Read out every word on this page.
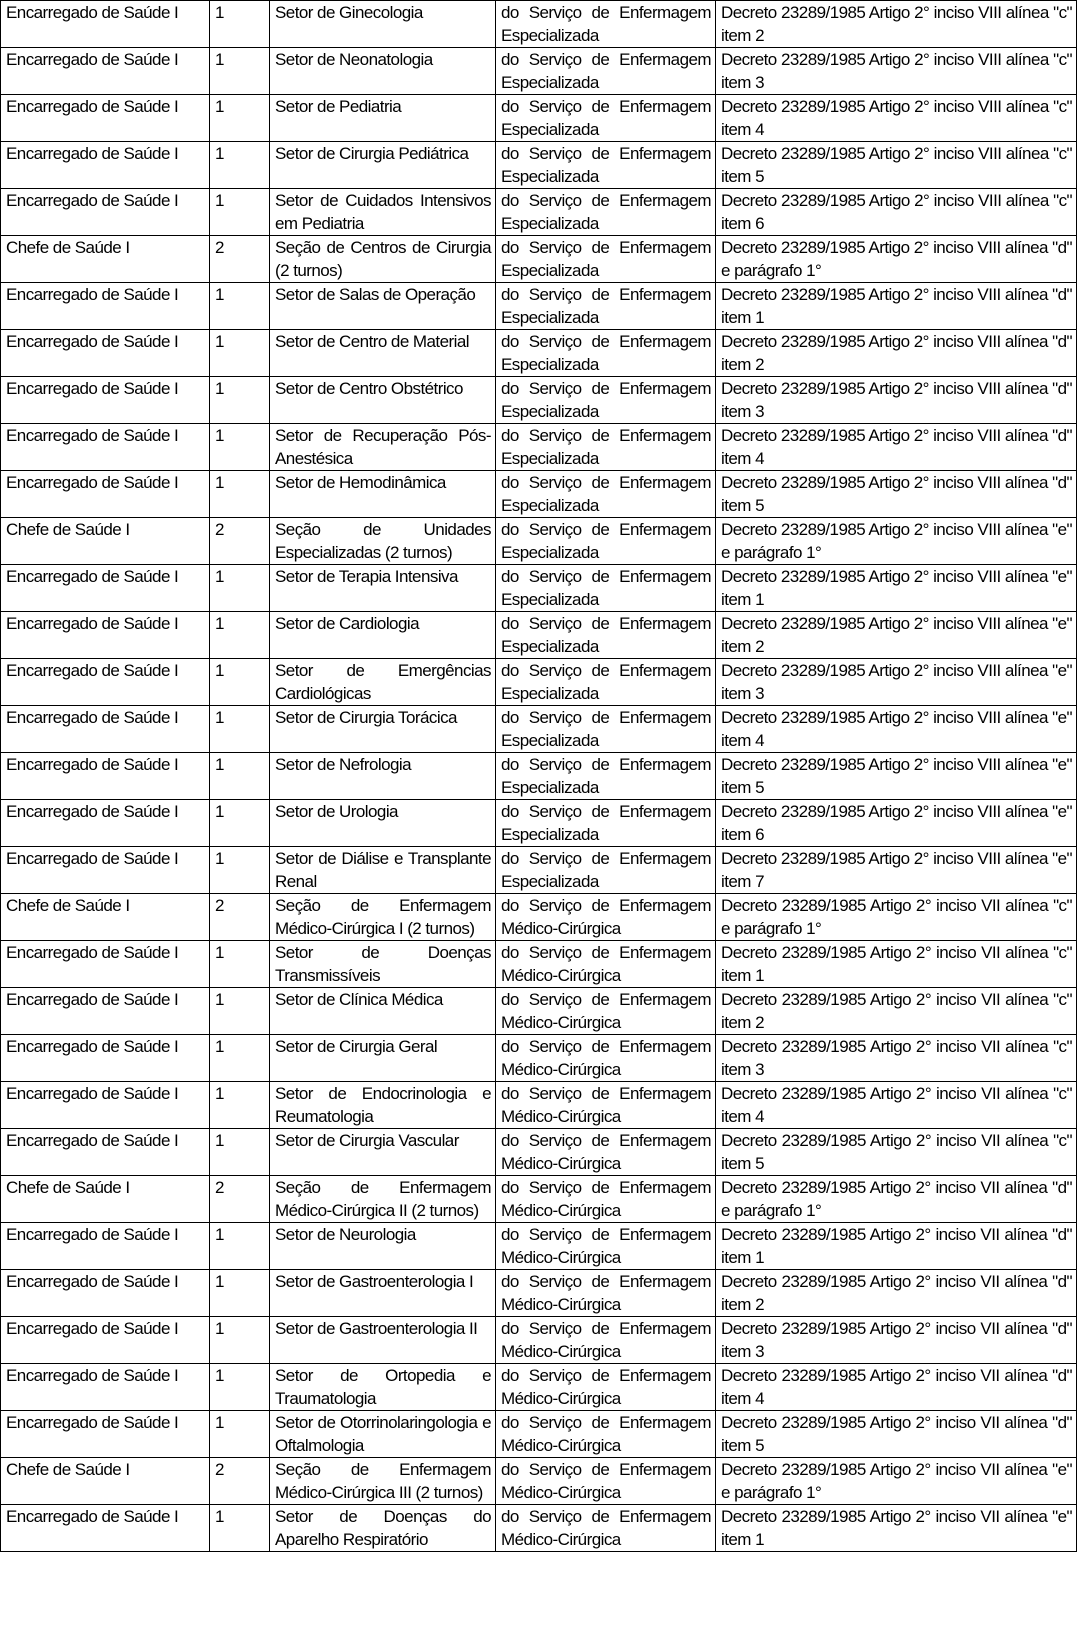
Encarregado de Saúde I	1	Setor de Ginecologia	do Serviço de Enfermagem Especializada	Decreto 23289/1985 Artigo 2° inciso VIII alínea "c" item 2
Encarregado de Saúde I	1	Setor de Neonatologia	do Serviço de Enfermagem Especializada	Decreto 23289/1985 Artigo 2° inciso VIII alínea "c" item 3
Encarregado de Saúde I	1	Setor de Pediatria	do Serviço de Enfermagem Especializada	Decreto 23289/1985 Artigo 2° inciso VIII alínea "c" item 4
Encarregado de Saúde I	1	Setor de Cirurgia Pediátrica	do Serviço de Enfermagem Especializada	Decreto 23289/1985 Artigo 2° inciso VIII alínea "c" item 5
Encarregado de Saúde I	1	Setor de Cuidados Intensivos em Pediatria	do Serviço de Enfermagem Especializada	Decreto 23289/1985 Artigo 2° inciso VIII alínea "c" item 6
Chefe de Saúde I	2	Seção de Centros de Cirurgia (2 turnos)	do Serviço de Enfermagem Especializada	Decreto 23289/1985 Artigo 2° inciso VIII alínea "d" e parágrafo 1°
Encarregado de Saúde I	1	Setor de Salas de Operação	do Serviço de Enfermagem Especializada	Decreto 23289/1985 Artigo 2° inciso VIII alínea "d" item 1
Encarregado de Saúde I	1	Setor de Centro de Material	do Serviço de Enfermagem Especializada	Decreto 23289/1985 Artigo 2° inciso VIII alínea "d" item 2
Encarregado de Saúde I	1	Setor de Centro Obstétrico	do Serviço de Enfermagem Especializada	Decreto 23289/1985 Artigo 2° inciso VIII alínea "d" item 3
Encarregado de Saúde I	1	Setor de Recuperação Pós-Anestésica	do Serviço de Enfermagem Especializada	Decreto 23289/1985 Artigo 2° inciso VIII alínea "d" item 4
Encarregado de Saúde I	1	Setor de Hemodinâmica	do Serviço de Enfermagem Especializada	Decreto 23289/1985 Artigo 2° inciso VIII alínea "d" item 5
Chefe de Saúde I	2	Seção de Unidades Especializadas (2 turnos)	do Serviço de Enfermagem Especializada	Decreto 23289/1985 Artigo 2° inciso VIII alínea "e" e parágrafo 1°
Encarregado de Saúde I	1	Setor de Terapia Intensiva	do Serviço de Enfermagem Especializada	Decreto 23289/1985 Artigo 2° inciso VIII alínea "e" item 1
Encarregado de Saúde I	1	Setor de Cardiologia	do Serviço de Enfermagem Especializada	Decreto 23289/1985 Artigo 2° inciso VIII alínea "e" item 2
Encarregado de Saúde I	1	Setor de Emergências Cardiológicas	do Serviço de Enfermagem Especializada	Decreto 23289/1985 Artigo 2° inciso VIII alínea "e" item 3
Encarregado de Saúde I	1	Setor de Cirurgia Torácica	do Serviço de Enfermagem Especializada	Decreto 23289/1985 Artigo 2° inciso VIII alínea "e" item 4
Encarregado de Saúde I	1	Setor de Nefrologia	do Serviço de Enfermagem Especializada	Decreto 23289/1985 Artigo 2° inciso VIII alínea "e" item 5
Encarregado de Saúde I	1	Setor de Urologia	do Serviço de Enfermagem Especializada	Decreto 23289/1985 Artigo 2° inciso VIII alínea "e" item 6
Encarregado de Saúde I	1	Setor de Diálise e Transplante Renal	do Serviço de Enfermagem Especializada	Decreto 23289/1985 Artigo 2° inciso VIII alínea "e" item 7
Chefe de Saúde I	2	Seção de Enfermagem Médico-Cirúrgica I (2 turnos)	do Serviço de Enfermagem Médico-Cirúrgica	Decreto 23289/1985 Artigo 2° inciso VII alínea "c" e parágrafo 1°
Encarregado de Saúde I	1	Setor de Doenças Transmissíveis	do Serviço de Enfermagem Médico-Cirúrgica	Decreto 23289/1985 Artigo 2° inciso VII alínea "c" item 1
Encarregado de Saúde I	1	Setor de Clínica Médica	do Serviço de Enfermagem Médico-Cirúrgica	Decreto 23289/1985 Artigo 2° inciso VII alínea "c" item 2
Encarregado de Saúde I	1	Setor de Cirurgia Geral	do Serviço de Enfermagem Médico-Cirúrgica	Decreto 23289/1985 Artigo 2° inciso VII alínea "c" item 3
Encarregado de Saúde I	1	Setor de Endocrinologia e Reumatologia	do Serviço de Enfermagem Médico-Cirúrgica	Decreto 23289/1985 Artigo 2° inciso VII alínea "c" item 4
Encarregado de Saúde I	1	Setor de Cirurgia Vascular	do Serviço de Enfermagem Médico-Cirúrgica	Decreto 23289/1985 Artigo 2° inciso VII alínea "c" item 5
Chefe de Saúde I	2	Seção de Enfermagem Médico-Cirúrgica II (2 turnos)	do Serviço de Enfermagem Médico-Cirúrgica	Decreto 23289/1985 Artigo 2° inciso VII alínea "d" e parágrafo 1°
Encarregado de Saúde I	1	Setor de Neurologia	do Serviço de Enfermagem Médico-Cirúrgica	Decreto 23289/1985 Artigo 2° inciso VII alínea "d" item 1
Encarregado de Saúde I	1	Setor de Gastroenterologia I	do Serviço de Enfermagem Médico-Cirúrgica	Decreto 23289/1985 Artigo 2° inciso VII alínea "d" item 2
Encarregado de Saúde I	1	Setor de Gastroenterologia II	do Serviço de Enfermagem Médico-Cirúrgica	Decreto 23289/1985 Artigo 2° inciso VII alínea "d" item 3
Encarregado de Saúde I	1	Setor de Ortopedia e Traumatologia	do Serviço de Enfermagem Médico-Cirúrgica	Decreto 23289/1985 Artigo 2° inciso VII alínea "d" item 4
Encarregado de Saúde I	1	Setor de Otorrinolaringologia e Oftalmologia	do Serviço de Enfermagem Médico-Cirúrgica	Decreto 23289/1985 Artigo 2° inciso VII alínea "d" item 5
Chefe de Saúde I	2	Seção de Enfermagem Médico-Cirúrgica III (2 turnos)	do Serviço de Enfermagem Médico-Cirúrgica	Decreto 23289/1985 Artigo 2° inciso VII alínea "e" e parágrafo 1°
Encarregado de Saúde I	1	Setor de Doenças do Aparelho Respiratório	do Serviço de Enfermagem Médico-Cirúrgica	Decreto 23289/1985 Artigo 2° inciso VII alínea "e" item 1
